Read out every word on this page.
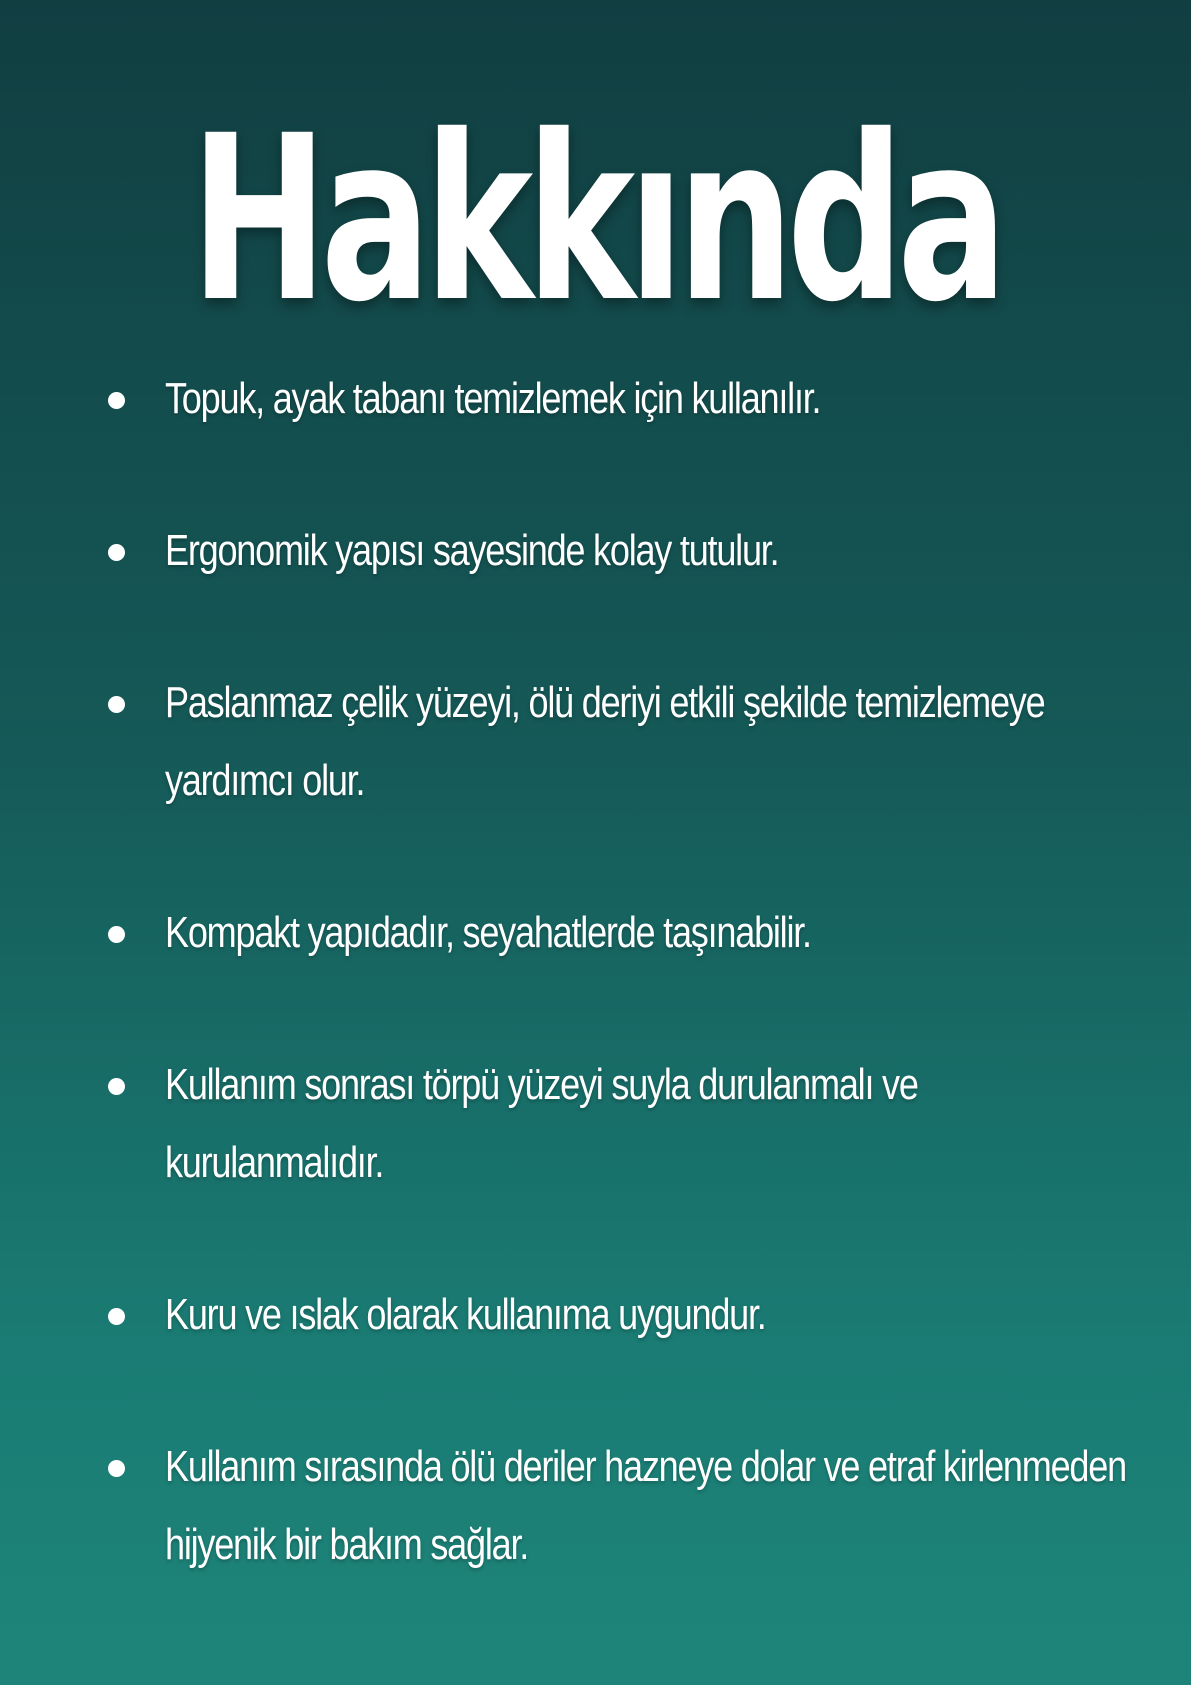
Hakkında
Topuk, ayak tabanı temizlemek için kullanılır.
Ergonomik yapısı sayesinde kolay tutulur.
Paslanmaz çelik yüzeyi, ölü deriyi etkili şekilde temizlemeye yardımcı olur.
Kompakt yapıdadır, seyahatlerde taşınabilir.
Kullanım sonrası törpü yüzeyi suyla durulanmalı ve kurulanmalıdır.
Kuru ve ıslak olarak kullanıma uygundur.
Kullanım sırasında ölü deriler hazneye dolar ve etraf kirlenmeden hijyenik bir bakım sağlar.
